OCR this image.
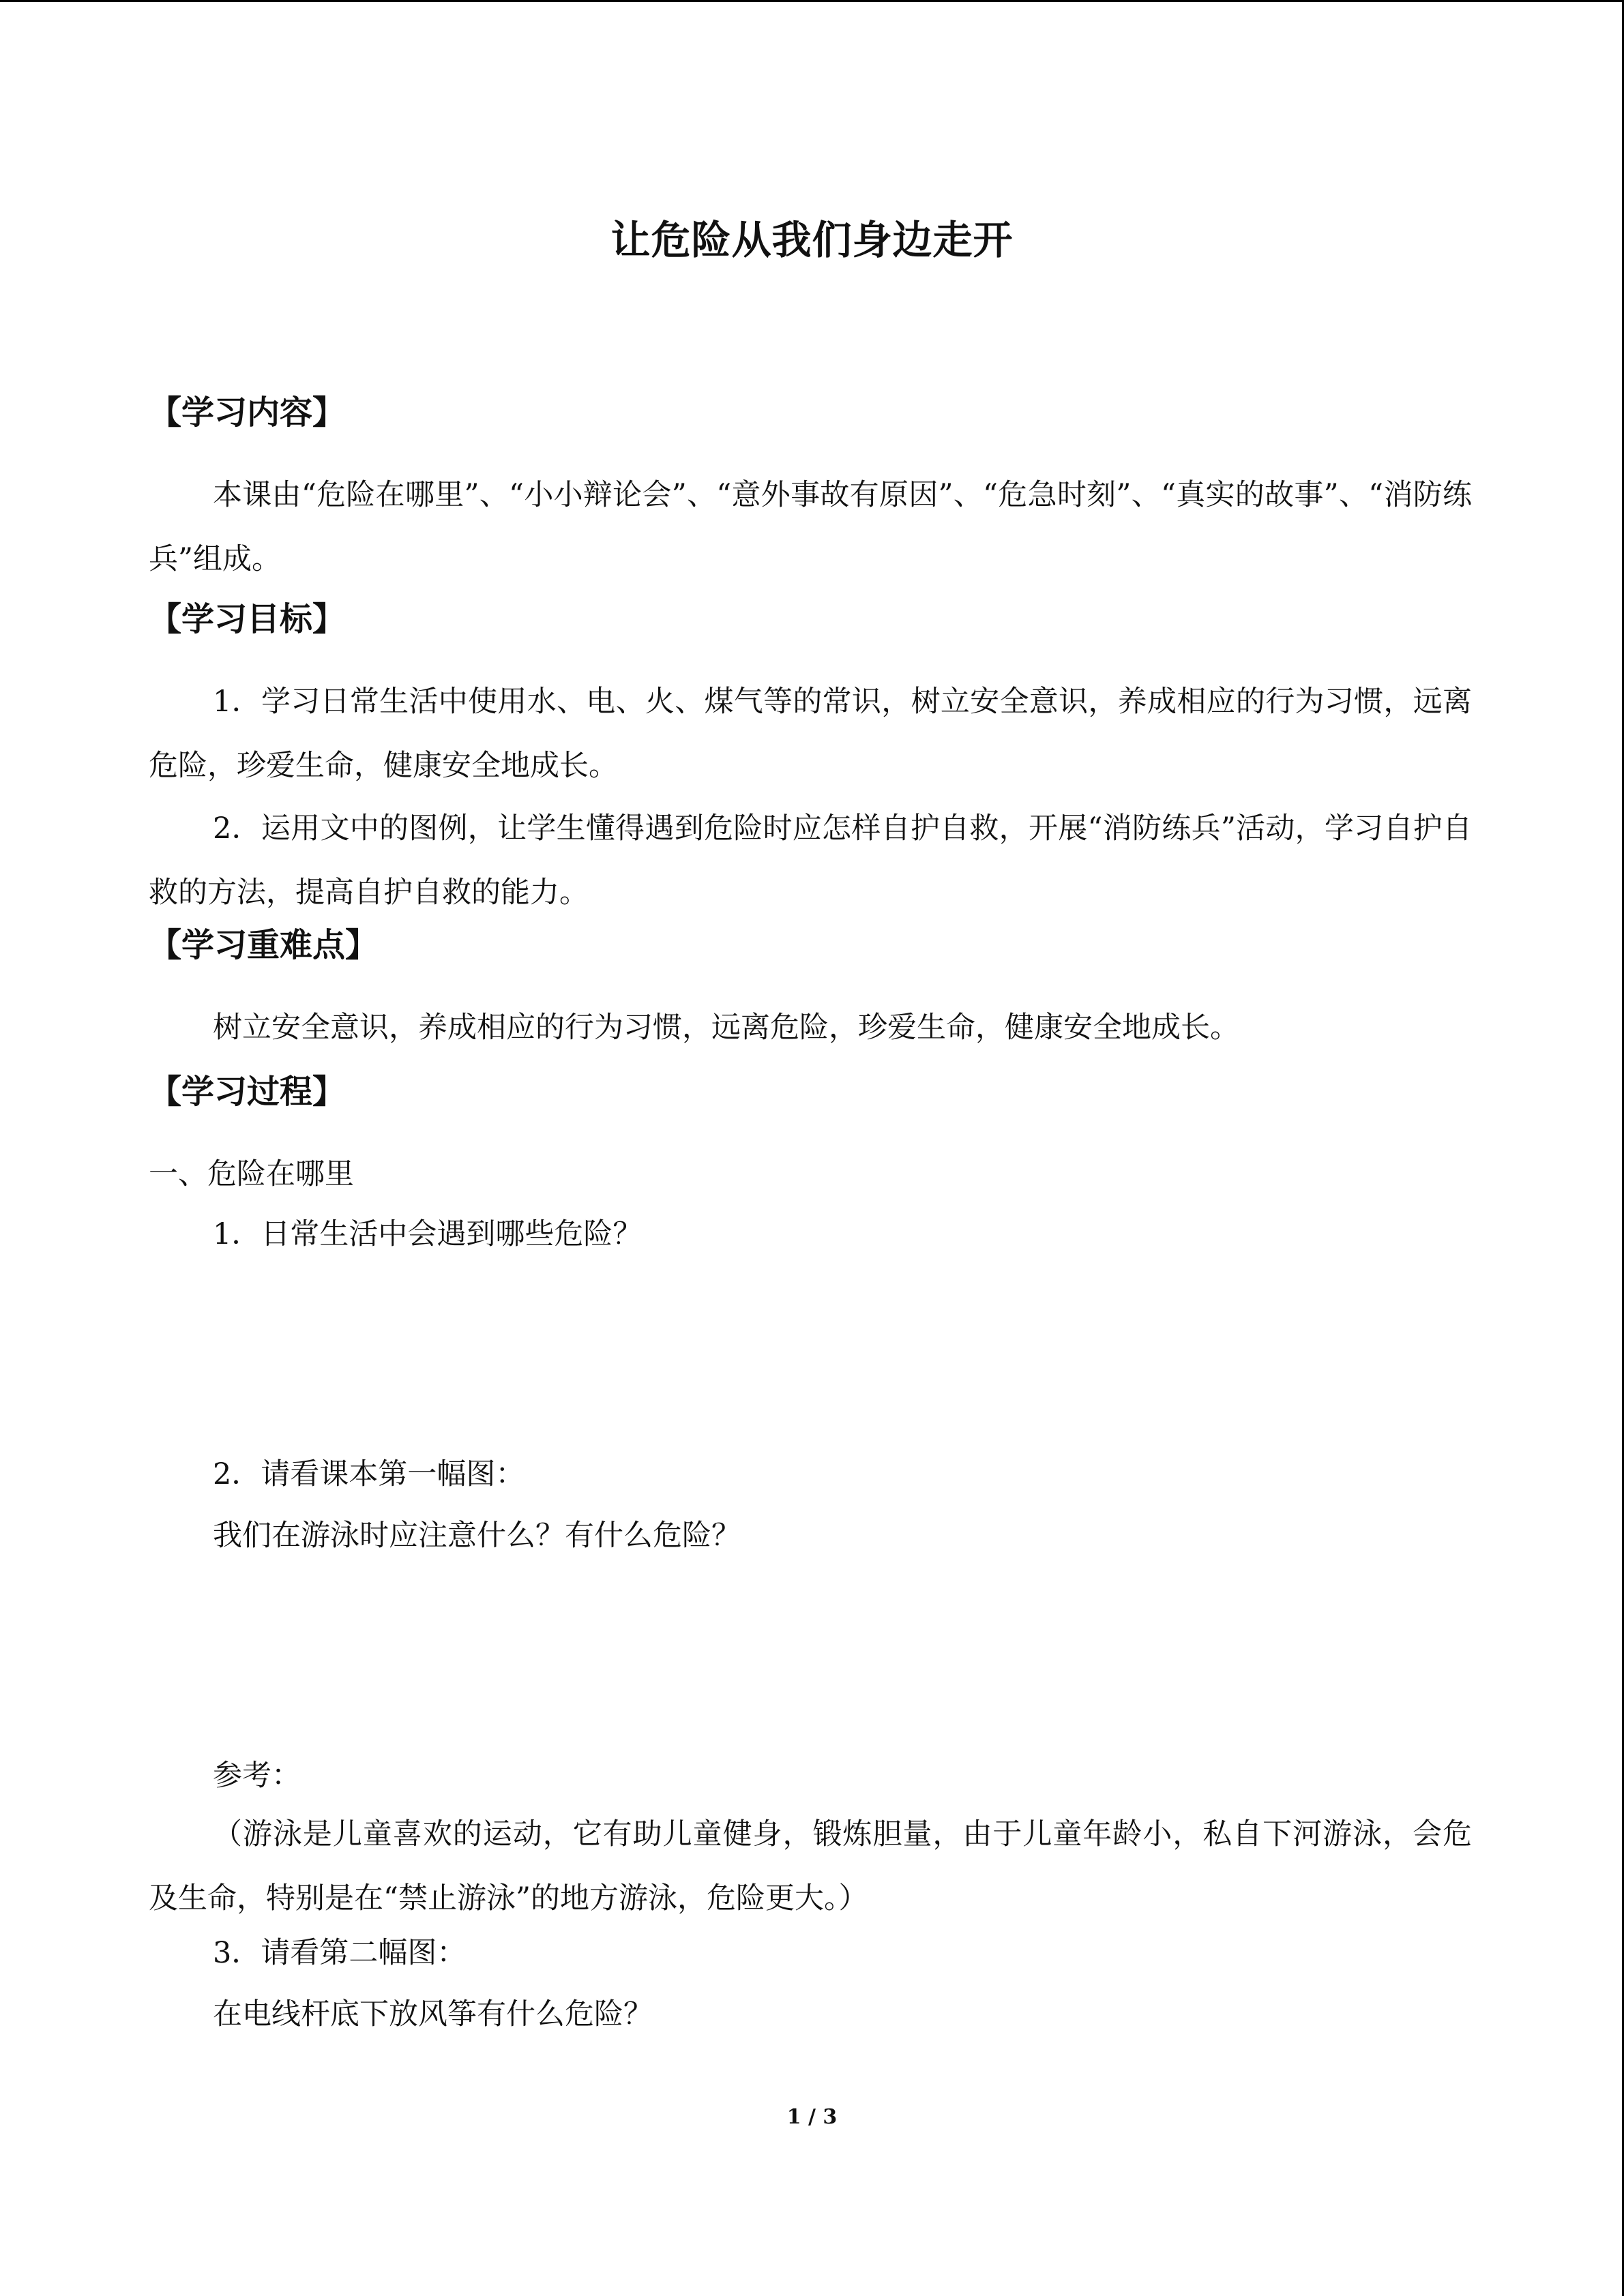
让危险从我们身边走开
【学习内容】

本课由“危险在哪里”、“小小辩论会”、“意外事故有原因”、“危急时刻”、“真实的故事”、“消防练兵”组成。

【学习目标】

1．学习日常生活中使用水、电、火、煤气等的常识，树立安全意识，养成相应的行为习惯，远离危险，珍爱生命，健康安全地成长。

2．运用文中的图例，让学生懂得遇到危险时应怎样自护自救，开展“消防练兵”活动，学习自护自救的方法，提高自护自救的能力。

【学习重难点】

树立安全意识，养成相应的行为习惯，远离危险，珍爱生命，健康安全地成长。

【学习过程】

一、危险在哪里

1．日常生活中会遇到哪些危险？

2．请看课本第一幅图：

我们在游泳时应注意什么？有什么危险？

参考：

（游泳是儿童喜欢的运动，它有助儿童健身，锻炼胆量，由于儿童年龄小，私自下河游泳，会危及生命，特别是在“禁止游泳”的地方游泳，危险更大。）

3．请看第二幅图：

在电线杆底下放风筝有什么危险？

1 / 3
